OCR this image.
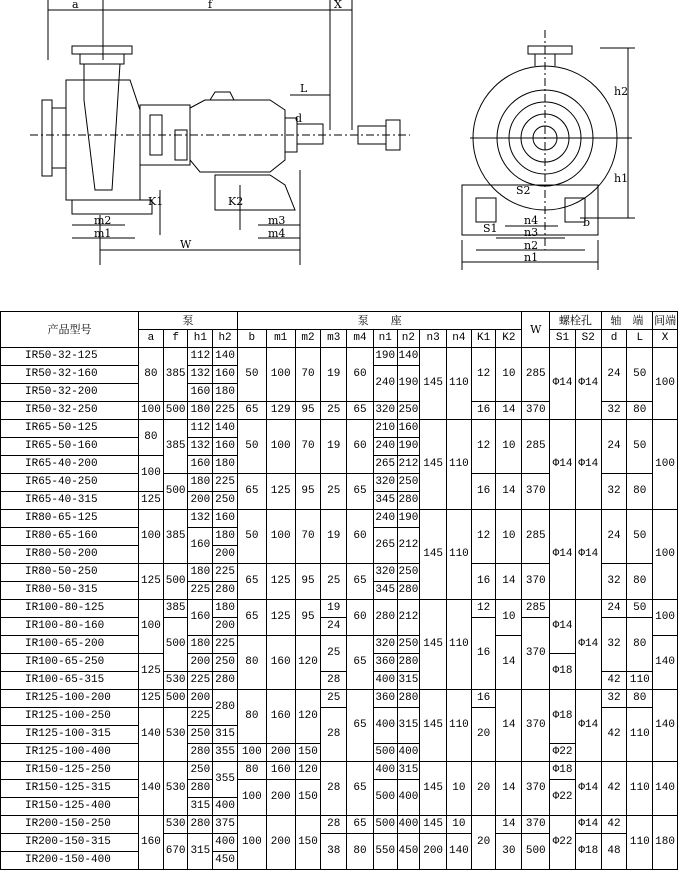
a	f	X
L
d
K1	K2
m2
m1
m3
m4
W
h2
h1
S2
S1
n4
n3
n2
n1
b
产品型号	泵				泵　　座											W	螺栓孔		轴　端		间端
	a	f	h1	h2	b	m1	m2	m3	m4	n1	n2	n3	n4	K1	K2		S1	S2	d	L	X
IR50-32-125	80	385	112	140	50	100	70	19	60	190	140	145	110	12	10	285	Φ14	Φ14	24	50	100
IR50-32-160			132	160						240	190										
IR50-32-200			160	180																	
IR50-32-250	100	500	180	225	65	129	95	25	65	320	250			16	14	370			32	80	
IR65-50-125	80	385	112	140	50	100	70	19	60	210	160	145	110	12	10	285	Φ14	Φ14	24	50	100
IR65-50-160			132	160						240	190										
IR65-40-200	100		160	180						265	212										
IR65-40-250		500	180	225	65	125	95	25	65	320	250			16	14	370			32	80	
IR65-40-315	125		200	250						345	280										
IR80-65-125	100	385	132	160	50	100	70	19	60	240	190	145	110	12	10	285	Φ14	Φ14	24	50	100
IR80-65-160			160	180						265	212										
IR80-50-200				200																	
IR80-50-250	125	500	180	225	65	125	95	25	65	320	250			16	14	370			32	80	
IR80-50-315			225	280						345	280										
IR100-80-125	100	385	160	180	65	125	95	19	60	280	212	145	110	12	10	285	Φ14	Φ14	24	50	100
IR100-80-160		500		200				24						16		370			32	80	
IR100-65-200			180	225	80	160	120	25	65	320	250				14						140
IR100-65-250	125		200	250						360	280						Φ18				
IR100-65-315		530	225	280				28		400	315								42	110	
IR125-100-200	125	500	200	280	80	160	120	25	65	360	280	145	110	16	14	370	Φ18	Φ14	32	80	140
IR125-100-250	140	530	225					28		400	315			20					42	110	
IR125-100-315			250	315																	
IR125-100-400			280	355	100	200	150			500	400						Φ22				
IR150-125-250	140	530	250	355	80	160	120	28	65	400	315	145	10	20	14	370	Φ18	Φ14	42	110	140
IR150-125-315			280		100	200	150			500	400						Φ22				
IR150-125-400			315	400																	
IR200-150-250	160	530	280	375	100	200	150	28	65	500	400	145	10	20	14	370	Φ22	Φ14	42	110	180
IR200-150-315		670	315	400				38	80	550	450	200	140		30	500		Φ18	48		
IR200-150-400				450																	
